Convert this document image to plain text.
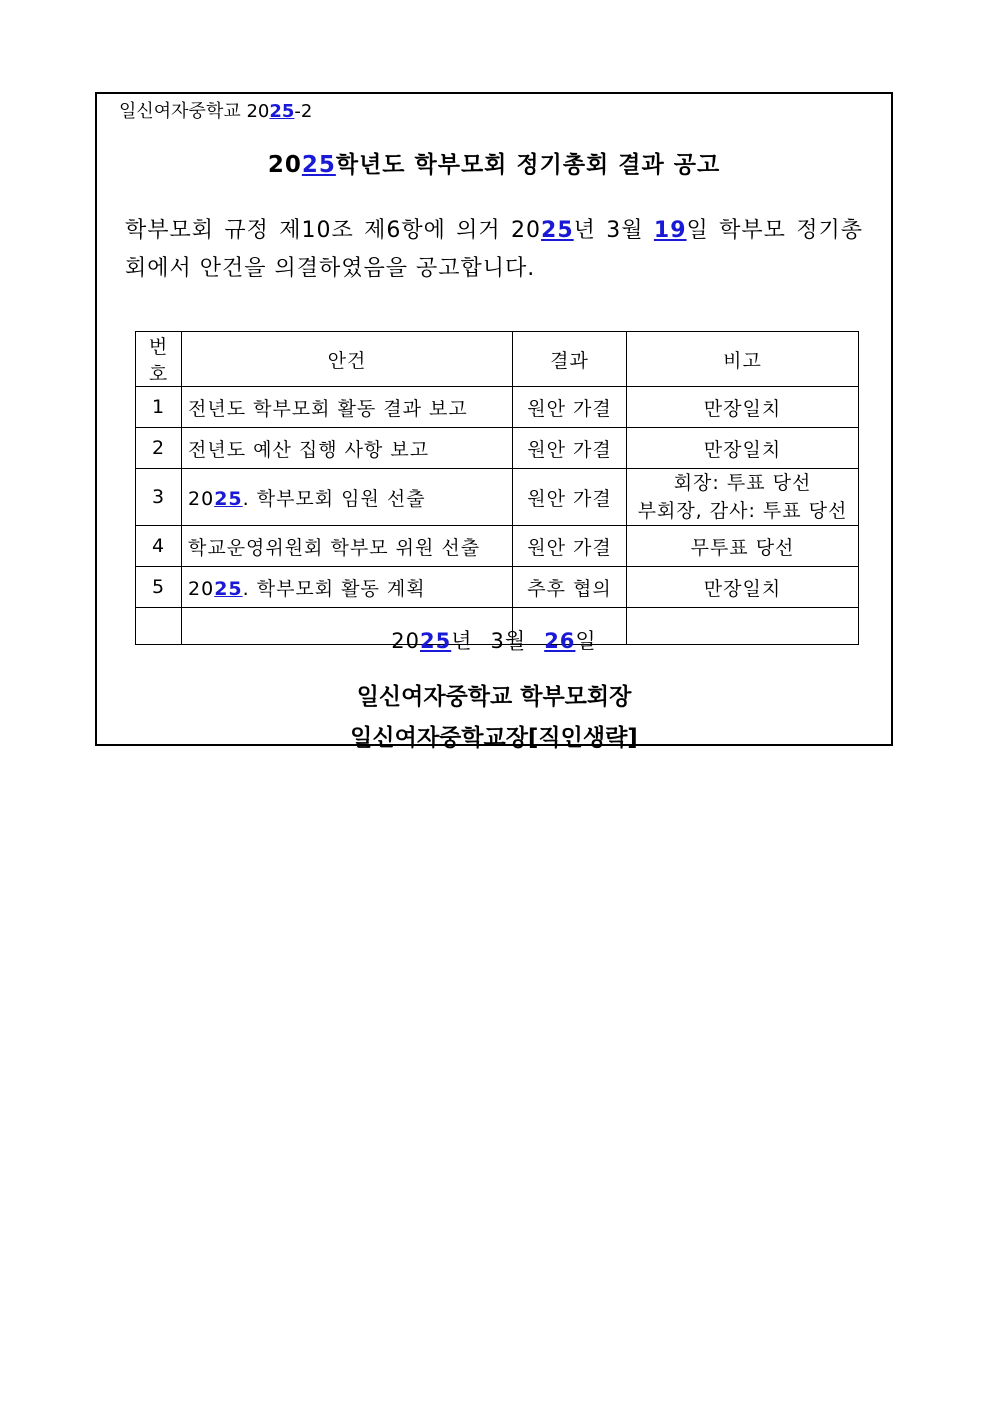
일신여자중학교 2025-2
2025학년도 학부모회 정기총회 결과 공고
학부모회 규정 제10조 제6항에 의거 2025년 3월 19일 학부모 정기총회에서 안건을 의결하였음을 공고합니다.
번호	안건	결과	비고
1	전년도 학부모회 활동 결과 보고	원안 가결	만장일치
2	전년도 예산 집행 사항 보고	원안 가결	만장일치
3	2025. 학부모회 임원 선출	원안 가결	회장: 투표 당선
부회장, 감사: 투표 당선

4	학교운영위원회 학부모 위원 선출	원안 가결	무투표 당선
5	2025. 학부모회 활동 계획	추후 협의	만장일치

2025년 3월 26일
일신여자중학교 학부모회장
일신여자중학교장[직인생략]
